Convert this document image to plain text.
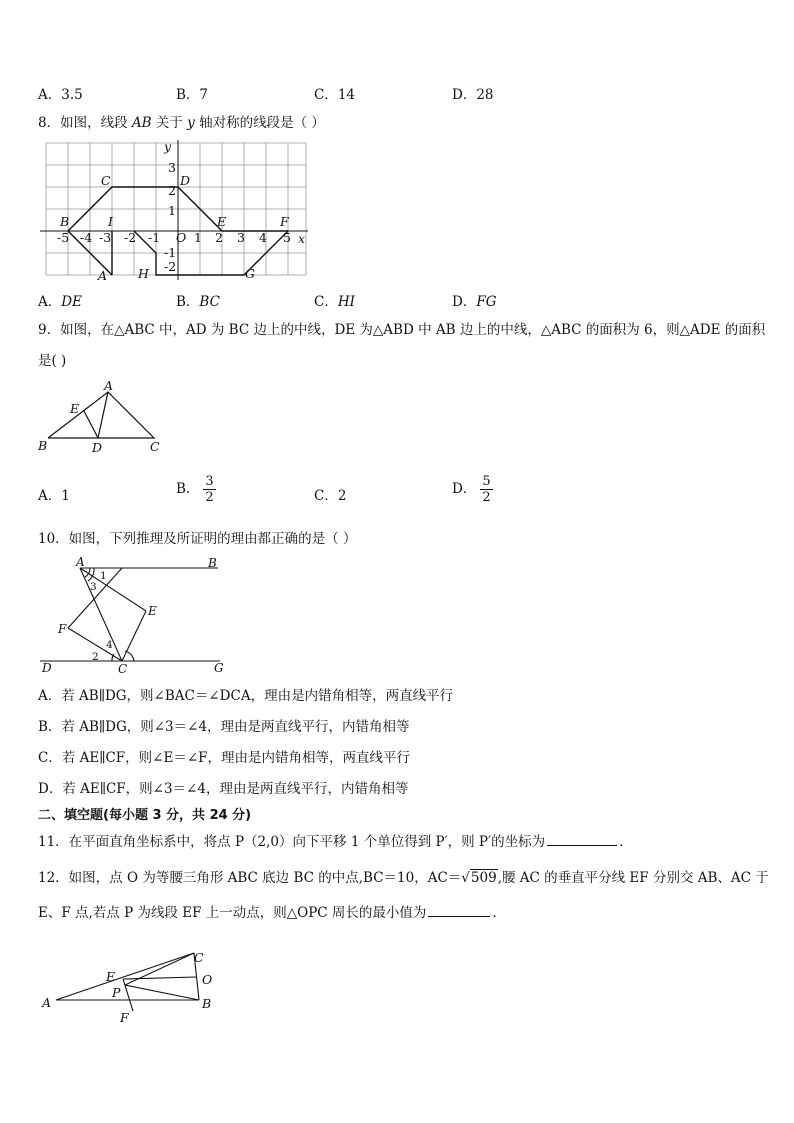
A．3.5	B．7	C．14	D．28
8．如图，线段 AB 关于 y 轴对称的线段是（ ）
x
y
3
2
1
-1
-2
-5 -4 -3 -2 -1 O 1 2 3 4 5
B
C	D
E	F
I
A H	G
A．DE	B．BC	C．HI	D．FG
9．如图，在△ABC 中，AD 为 BC 边上的中线，DE 为△ABD 中 AB 边上的中线，△ABC 的面积为 6，则△ADE 的面积
是( )
A
B	C
D
E
A．1	B． $\frac{3}{2}$	C．2	D． $\frac{5}{2}$
10．如图，下列推理及所证明的理由都正确的是（ ）
A	B
C
D
E
F
G
1
2
3
4
A．若 AB∥DG，则∠BAC＝∠DCA，理由是内错角相等，两直线平行
B．若 AB∥DG，则∠3＝∠4，理由是两直线平行，内错角相等
C．若 AE∥CF，则∠E＝∠F，理由是内错角相等，两直线平行
D．若 AE∥CF，则∠3＝∠4，理由是两直线平行，内错角相等
二、填空题(每小题 3 分，共 24 分)
11．在平面直角坐标系中，将点 P（2,0）向下平移 1 个单位得到 P′，则 P′的坐标为	．
12．如图，点 O 为等腰三角形 ABC 底边 BC 的中点,BC＝10，AC＝√509,腰 AC 的垂直平分线 EF 分别交 AB、AC 于
E、F 点,若点 P 为线段 EF 上一动点，则△OPC 周长的最小值为	．
A	B
C
E
F
O
P
